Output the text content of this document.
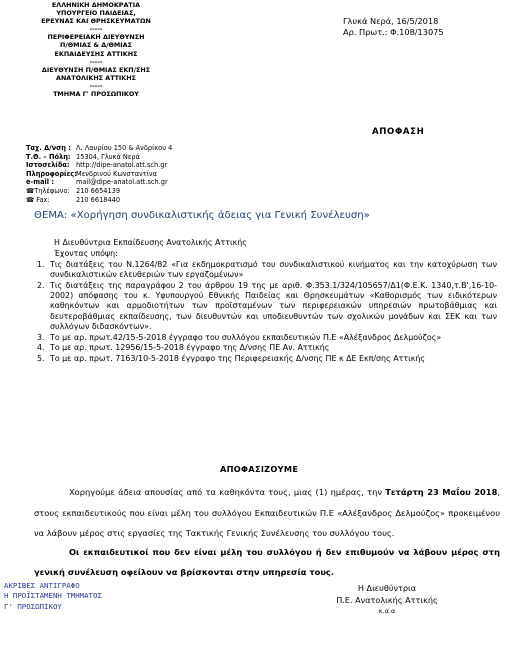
ΕΛΛΗΝΙΚΗ ΔΗΜΟΚΡΑΤΙΑ
ΥΠΟΥΡΓΕΙΟ ΠΑΙΔΕΙΑΣ,
ΕΡΕΥΝΑΣ ΚΑΙ ΘΡΗΣΚΕΥΜΑΤΩΝ
-----
ΠΕΡΙΦΕΡΕΙΑΚΗ ΔΙΕΥΘΥΝΣΗ
Π/ΘΜΙΑΣ & Δ/ΘΜΙΑΣ
ΕΚΠΑΙΔΕΥΣΗΣ ΑΤΤΙΚΗΣ
-----
ΔΙΕΥΘΥΝΣΗ Π/ΘΜΙΑΣ ΕΚΠ/ΣΗΣ
ΑΝΑΤΟΛΙΚΗΣ ΑΤΤΙΚΗΣ
-----
ΤΜΗΜΑ Γ' ΠΡΟΣΩΠΙΚΟΥ
Γλυκά Νερά, 16/5/2018
Αρ. Πρωτ.: Φ.108/13075
ΑΠΟΦΑΣΗ
Ταχ. Δ/νση : Λ. Λαυρίου 150 & Ανδρίκου 4
Τ.Θ. – Πόλη: 15304, Γλυκά Νερά
Ιστοσελίδα: http://dipe-anatol.att.sch.gr
Πληροφορίες: Μενδρινού Κωνσταντίνα
e-mail :	mail@dipe-anatol.att.sch.gr
☎Τηλέφωνο: 210 6654139
☎ Fax:	210 6618440
ΘΕΜΑ: «Χορήγηση συνδικαλιστικής άδειας για Γενική Συνέλευση»
Η Διευθύντρια Εκπαίδευσης Ανατολικής Αττικής
Έχοντας υπόψη:
1. Τις διατάξεις του Ν.1264/82 «Για εκδημοκρατισμό του συνδικαλιστικού κινήματος και την κατοχύρωση των συνδικαλιστικών ελευθεριών των εργαζομένων»
2. Τις διατάξεις της παραγράφου 2 του άρθρου 19 της με αριθ. Φ.353.1/324/105657/Δ1(Φ.Ε.Κ. 1340,τ.Β',16-10-2002) απόφασης του κ. Υφυπουργού Εθνικής Παιδείας και Θρησκευμάτων «Καθορισμός των ειδικότερων καθηκόντων και αρμοδιοτήτων των προϊσταμένων των περιφερειακών υπηρεσιών πρωτοβάθμιας και δευτεροβάθμιας εκπαίδευσης, των διευθυντών και υποδιευθυντών των σχολικών μονάδων και ΣΕΚ και των συλλόγων διδασκόντων».
3. Το με αρ. πρωτ.42/15-5-2018 έγγραφο του συλλόγου εκπαιδευτικών Π.Ε «Αλέξανδρος Δελμούζος»
4. Το με αρ. πρωτ. 12956/15-5-2018 έγγραφο της Δ/νσης ΠΕ Αν. Αττικής
5. Το με αρ. πρωτ. 7163/10-5-2018 έγγραφο της Περιφερειακής Δ/νσης ΠΕ κ ΔΕ Εκπ/σης Αττικής
ΑΠΟΦΑΣΙΖΟΥΜΕ
Χορηγούμε άδεια απουσίας από τα καθηκόντα τους, μιας (1) ημέρας, την Τετάρτη 23 Μαΐου 2018, στους εκπαιδευτικούς που είναι μέλη του συλλόγου Εκπαιδευτικών Π.Ε «Αλέξανδρος Δελμούζος» προκειμένου να λάβουν μέρος στις εργασίες της Τακτικής Γενικής Συνέλευσης του συλλόγου τους.
Οι εκπαιδευτικοί που δεν είναι μέλη του συλλόγου ή δεν επιθυμούν να λάβουν μέρος στη γενική συνέλευση οφείλουν να βρίσκονται στην υπηρεσία τους.
Η Διευθύντρια
Π.Ε. Ανατολικής Αττικής
κ.α.α
ΑΚΡΙΒΕΣ ΑΝΤΙΓΡΑΦΟ
Η ΠΡΟΪΣΤΑΜΕΝΗ ΤΜΗΜΑΤΟΣ
Γ' ΠΡΟΣΩΠΙΚΟΥ
